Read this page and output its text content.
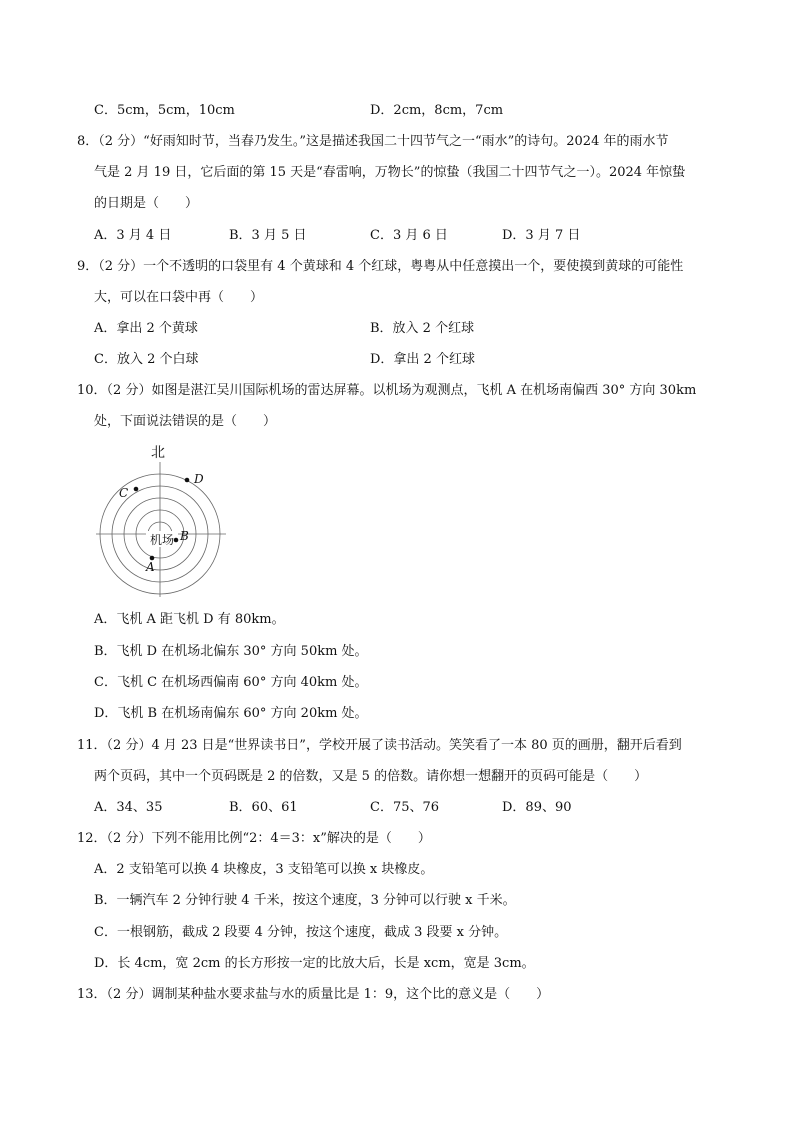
C．5cm，5cm，10cm	D．2cm，8cm，7cm
8．（2 分）“好雨知时节，当春乃发生。”这是描述我国二十四节气之一“雨水”的诗句。2024 年的雨水节
气是 2 月 19 日，它后面的第 15 天是“春雷响，万物长”的惊蛰（我国二十四节气之一）。2024 年惊蛰
的日期是（　　）
A．3 月 4 日	B．3 月 5 日	C．3 月 6 日	D．3 月 7 日
9．（2 分）一个不透明的口袋里有 4 个黄球和 4 个红球，粤粤从中任意摸出一个，要使摸到黄球的可能性
大，可以在口袋中再（　　）
A．拿出 2 个黄球	B．放入 2 个红球
C．放入 2 个白球	D．拿出 2 个红球
10．（2 分）如图是湛江吴川国际机场的雷达屏幕。以机场为观测点，飞机 A 在机场南偏西 30° 方向 30km
处，下面说法错误的是（　　）
北
机场
A
B
C
D
A．飞机 A 距飞机 D 有 80km。
B．飞机 D 在机场北偏东 30° 方向 50km 处。
C．飞机 C 在机场西偏南 60° 方向 40km 处。
D．飞机 B 在机场南偏东 60° 方向 20km 处。
11．（2 分）4 月 23 日是“世界读书日”，学校开展了读书活动。笑笑看了一本 80 页的画册，翻开后看到
两个页码，其中一个页码既是 2 的倍数，又是 5 的倍数。请你想一想翻开的页码可能是（　　）
A．34、35	B．60、61	C．75、76	D．89、90
12．（2 分）下列不能用比例“2：4＝3：x”解决的是（　　）
A．2 支铅笔可以换 4 块橡皮，3 支铅笔可以换 x 块橡皮。
B．一辆汽车 2 分钟行驶 4 千米，按这个速度，3 分钟可以行驶 x 千米。
C．一根钢筋，截成 2 段要 4 分钟，按这个速度，截成 3 段要 x 分钟。
D．长 4cm，宽 2cm 的长方形按一定的比放大后，长是 xcm，宽是 3cm。
13．（2 分）调制某种盐水要求盐与水的质量比是 1：9，这个比的意义是（　　）
